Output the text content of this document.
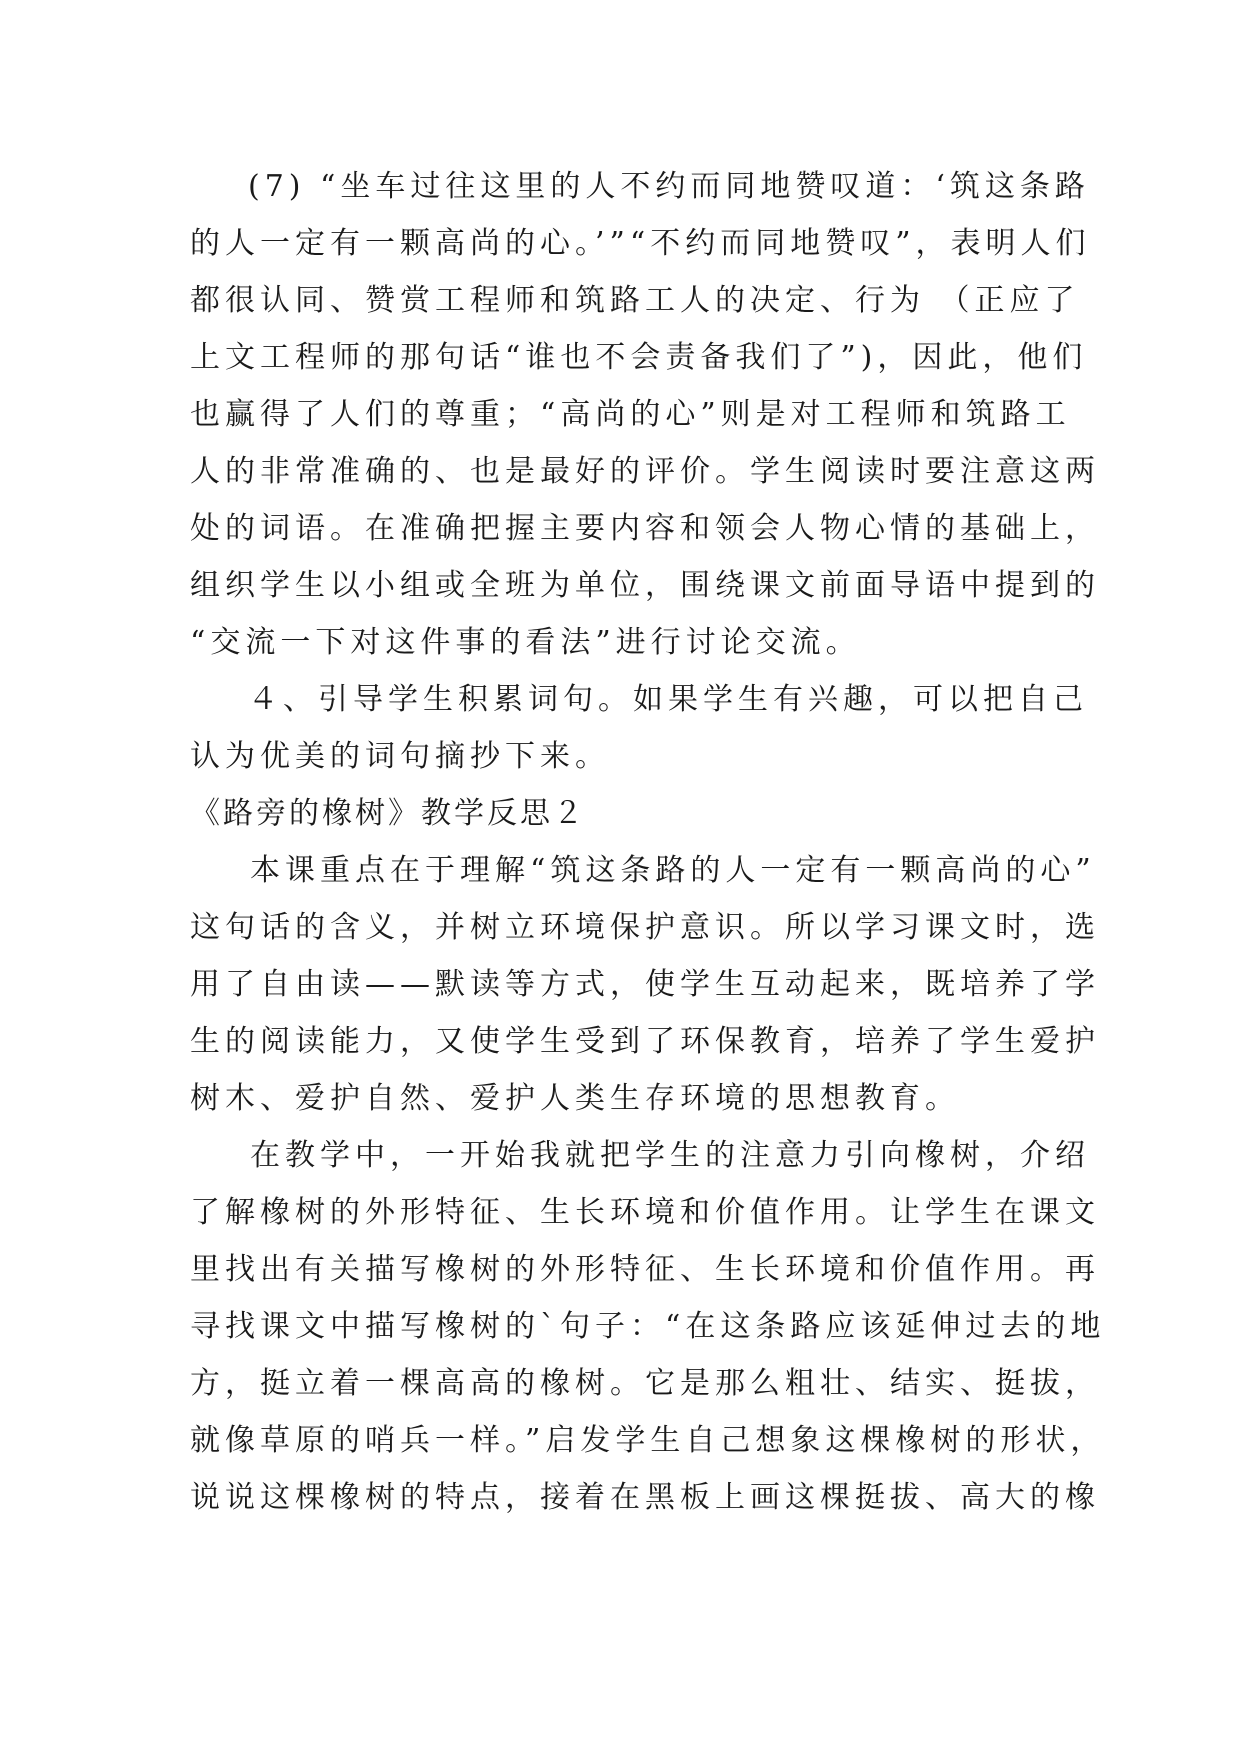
(7) “坐车过往这里的人不约而同地赞叹道：‘筑这条路
的人一定有一颗高尚的心。’”“不约而同地赞叹”，表明人们
都很认同、赞赏工程师和筑路工人的决定、行为 （正应了
上文工程师的那句话“谁也不会责备我们了”)，因此，他们
也赢得了人们的尊重；“高尚的心”则是对工程师和筑路工
人的非常准确的、也是最好的评价。学生阅读时要注意这两
处的词语。在准确把握主要内容和领会人物心情的基础上，
组织学生以小组或全班为单位，围绕课文前面导语中提到的
“交流一下对这件事的看法”进行讨论交流。
４、引导学生积累词句。如果学生有兴趣，可以把自己
认为优美的词句摘抄下来。
《路旁的橡树》教学反思２
本课重点在于理解“筑这条路的人一定有一颗高尚的心”
这句话的含义，并树立环境保护意识。所以学习课文时，选
用了自由读——默读等方式，使学生互动起来，既培养了学
生的阅读能力，又使学生受到了环保教育，培养了学生爱护
树木、爱护自然、爱护人类生存环境的思想教育。
在教学中，一开始我就把学生的注意力引向橡树，介绍
了解橡树的外形特征、生长环境和价值作用。让学生在课文
里找出有关描写橡树的外形特征、生长环境和价值作用。再
寻找课文中描写橡树的`句子：“在这条路应该延伸过去的地
方，挺立着一棵高高的橡树。它是那么粗壮、结实、挺拔，
就像草原的哨兵一样。”启发学生自己想象这棵橡树的形状，
说说这棵橡树的特点，接着在黑板上画这棵挺拔、高大的橡
